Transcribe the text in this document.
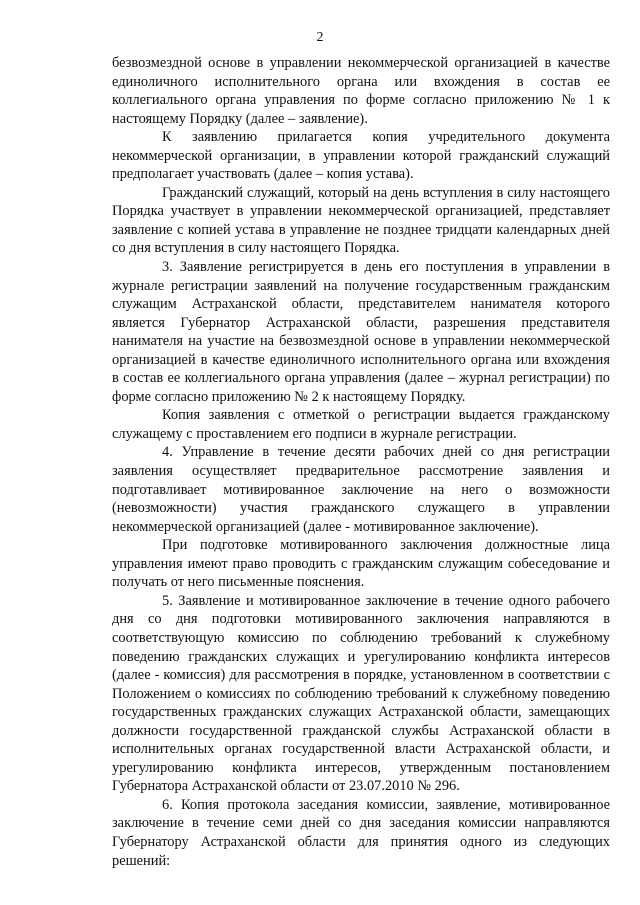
2

безвозмездной основе в управлении некоммерческой организацией в качестве единоличного исполнительного органа или вхождения в состав ее коллегиального органа управления по форме согласно приложению № 1 к настоящему Порядку (далее – заявление).

К заявлению прилагается копия учредительного документа некоммерческой организации, в управлении которой гражданский служащий предполагает участвовать (далее – копия устава).

Гражданский служащий, который на день вступления в силу настоящего Порядка участвует в управлении некоммерческой организацией, представляет заявление с копией устава в управление не позднее тридцати календарных дней со дня вступления в силу настоящего Порядка.

3. Заявление регистрируется в день его поступления в управлении в журнале регистрации заявлений на получение государственным гражданским служащим Астраханской области, представителем нанимателя которого является Губернатор Астраханской области, разрешения представителя нанимателя на участие на безвозмездной основе в управлении некоммерческой организацией в качестве единоличного исполнительного органа или вхождения в состав ее коллегиального органа управления (далее – журнал регистрации) по форме согласно приложению № 2 к настоящему Порядку.

Копия заявления с отметкой о регистрации выдается гражданскому служащему с проставлением его подписи в журнале регистрации.

4. Управление в течение десяти рабочих дней со дня регистрации заявления осуществляет предварительное рассмотрение заявления и подготавливает мотивированное заключение на него о возможности (невозможности) участия гражданского служащего в управлении некоммерческой организацией (далее - мотивированное заключение).

При подготовке мотивированного заключения должностные лица управления имеют право проводить с гражданским служащим собеседование и получать от него письменные пояснения.

5. Заявление и мотивированное заключение в течение одного рабочего дня со дня подготовки мотивированного заключения направляются в соответствующую комиссию по соблюдению требований к служебному поведению гражданских служащих и урегулированию конфликта интересов (далее - комиссия) для рассмотрения в порядке, установленном в соответствии с Положением о комиссиях по соблюдению требований к служебному поведению государственных гражданских служащих Астраханской области, замещающих должности государственной гражданской службы Астраханской области в исполнительных органах государственной власти Астраханской области, и урегулированию конфликта интересов, утвержденным постановлением Губернатора Астраханской области от 23.07.2010 № 296.

6. Копия протокола заседания комиссии, заявление, мотивированное заключение в течение семи дней со дня заседания комиссии направляются Губернатору Астраханской области для принятия одного из следующих решений:
